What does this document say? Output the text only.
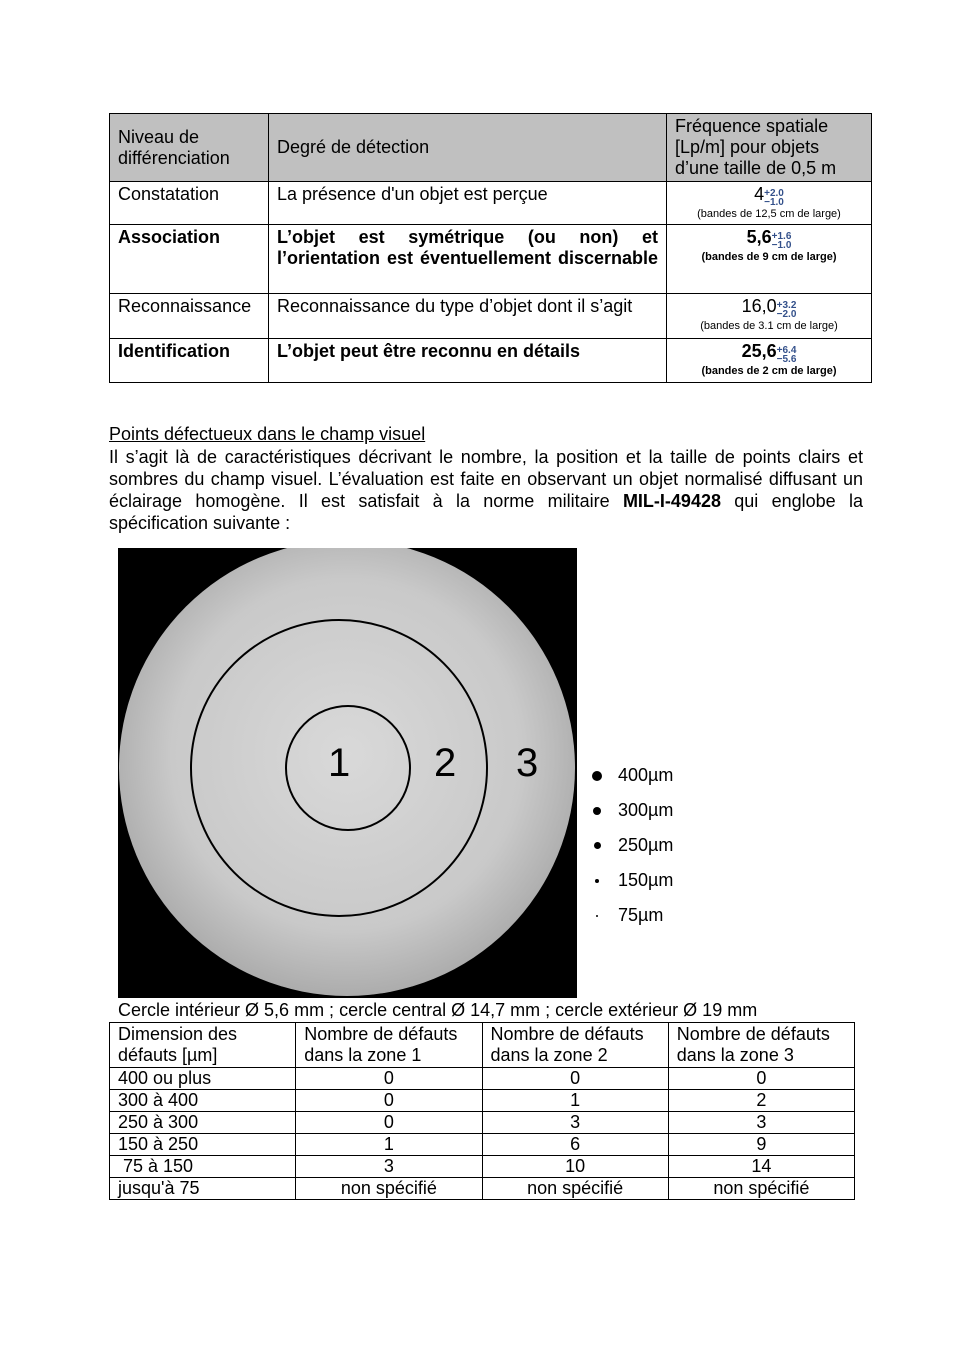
Niveau de différenciation	Degré de détection	Fréquence spatiale [Lp/m] pour objets d’une taille de 0,5 m
Constatation	La présence d'un objet est perçue	4 +2.0
−1.0
(bandes de 12,5 cm de large)

Association	L’objet est symétrique (ou non) et l’orientation est éventuellement discernable	5,6 +1.6
−1.0
(bandes de 9 cm de large)

Reconnaissance	Reconnaissance du type d’objet dont il s’agit	16,0 +3.2
−2.0
(bandes de 3.1 cm de large)

Identification	L’objet peut être reconnu en détails	25,6 +6.4
−5.6
(bandes de 2 cm de large)
Points défectueux dans le champ visuel
Il s’agit là de caractéristiques décrivant le nombre, la position et la taille de points clairs et sombres du champ visuel. L’évaluation est faite en observant un objet normalisé diffusant un éclairage homogène. Il est satisfait à la norme militaire MIL-I-49428 qui englobe la spécification suivante :
1 2 3	400µm
300µm
250µm
150µm
75µm
Cercle intérieur Ø 5,6 mm ; cercle central Ø 14,7 mm ; cercle extérieur Ø 19 mm
Dimension des défauts [µm]	Nombre de défauts dans la zone 1	Nombre de défauts dans la zone 2	Nombre de défauts dans la zone 3
400 ou plus	0	0	0
300 à 400	0	1	2
250 à 300	0	3	3
150 à 250	1	6	9
75 à 150	3	10	14
jusqu'à 75	non spécifié	non spécifié	non spécifié
